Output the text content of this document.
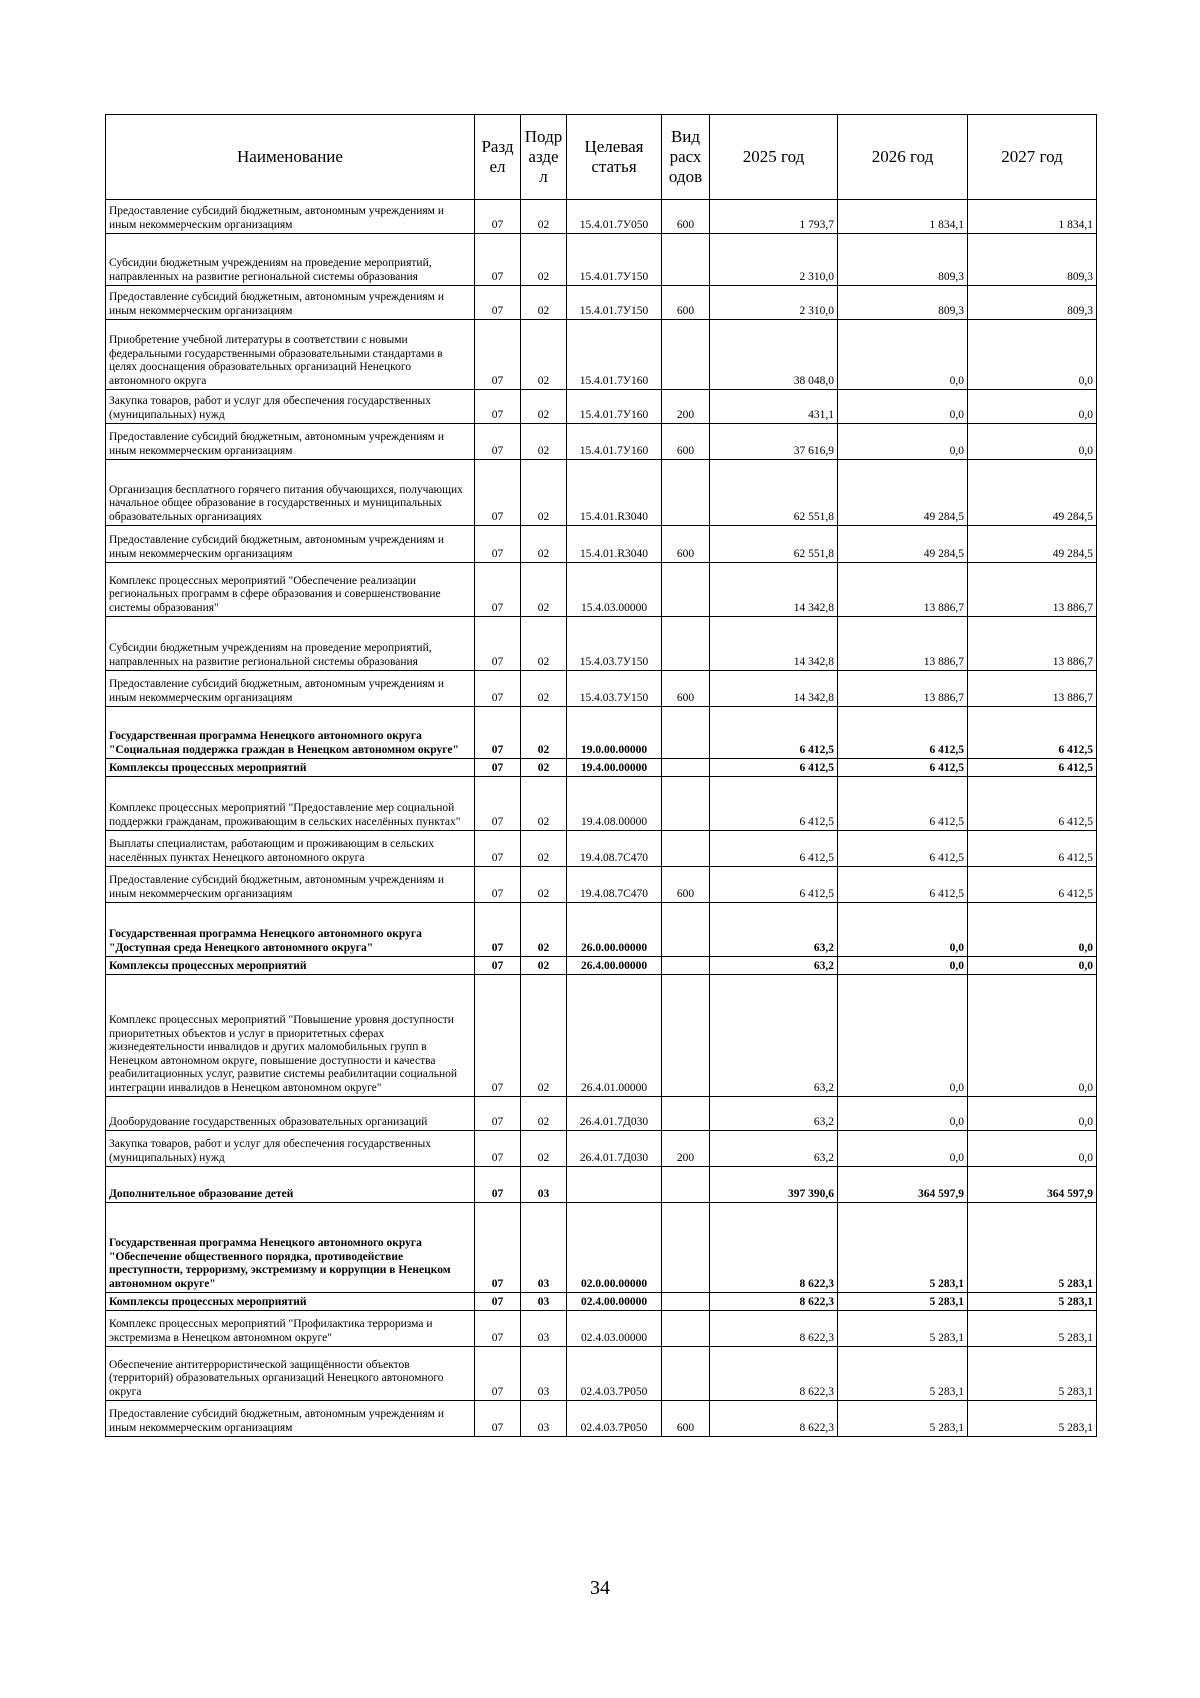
Наименование	Разд ел	Подр азде л	Целевая статья	Вид расх одов	2025 год	2026 год	2027 год
Предоставление субсидий бюджетным, автономным учреждениям и иным некоммерческим организациям	07	02	15.4.01.7У050	600	1 793,7	1 834,1	1 834,1
Субсидии бюджетным учреждениям на проведение мероприятий, направленных на развитие региональной системы образования	07	02	15.4.01.7У150		2 310,0	809,3	809,3
Предоставление субсидий бюджетным, автономным учреждениям и иным некоммерческим организациям	07	02	15.4.01.7У150	600	2 310,0	809,3	809,3
Приобретение учебной литературы в соответствии с новыми федеральными государственными образовательными стандартами в целях дооснащения образовательных организаций Ненецкого автономного округа	07	02	15.4.01.7У160		38 048,0	0,0	0,0
Закупка товаров, работ и услуг для обеспечения государственных (муниципальных) нужд	07	02	15.4.01.7У160	200	431,1	0,0	0,0
Предоставление субсидий бюджетным, автономным учреждениям и иным некоммерческим организациям	07	02	15.4.01.7У160	600	37 616,9	0,0	0,0
Организация бесплатного горячего питания обучающихся, получающих начальное общее образование в государственных и муниципальных образовательных организациях	07	02	15.4.01.R3040		62 551,8	49 284,5	49 284,5
Предоставление субсидий бюджетным, автономным учреждениям и иным некоммерческим организациям	07	02	15.4.01.R3040	600	62 551,8	49 284,5	49 284,5
Комплекс процессных мероприятий "Обеспечение реализации региональных программ в сфере образования и совершенствование системы образования"	07	02	15.4.03.00000		14 342,8	13 886,7	13 886,7
Субсидии бюджетным учреждениям на проведение мероприятий, направленных на развитие региональной системы образования	07	02	15.4.03.7У150		14 342,8	13 886,7	13 886,7
Предоставление субсидий бюджетным, автономным учреждениям и иным некоммерческим организациям	07	02	15.4.03.7У150	600	14 342,8	13 886,7	13 886,7
Государственная программа Ненецкого автономного округа "Социальная поддержка граждан в Ненецком автономном округе"	07	02	19.0.00.00000		6 412,5	6 412,5	6 412,5
Комплексы процессных мероприятий	07	02	19.4.00.00000		6 412,5	6 412,5	6 412,5
Комплекс процессных мероприятий "Предоставление мер социальной поддержки гражданам, проживающим в сельских населённых пунктах"	07	02	19.4.08.00000		6 412,5	6 412,5	6 412,5
Выплаты специалистам, работающим и проживающим в сельских населённых пунктах Ненецкого автономного округа	07	02	19.4.08.7С470		6 412,5	6 412,5	6 412,5
Предоставление субсидий бюджетным, автономным учреждениям и иным некоммерческим организациям	07	02	19.4.08.7С470	600	6 412,5	6 412,5	6 412,5
Государственная программа Ненецкого автономного округа "Доступная среда Ненецкого автономного округа"	07	02	26.0.00.00000		63,2	0,0	0,0
Комплексы процессных мероприятий	07	02	26.4.00.00000		63,2	0,0	0,0
Комплекс процессных мероприятий "Повышение уровня доступности приоритетных объектов и услуг в приоритетных сферах жизнедеятельности инвалидов и других маломобильных групп в Ненецком автономном округе, повышение доступности и качества реабилитационных услуг, развитие системы реабилитации социальной интеграции инвалидов в Ненецком автономном округе"	07	02	26.4.01.00000		63,2	0,0	0,0
Дооборудование государственных образовательных организаций	07	02	26.4.01.7Д030		63,2	0,0	0,0
Закупка товаров, работ и услуг для обеспечения государственных (муниципальных) нужд	07	02	26.4.01.7Д030	200	63,2	0,0	0,0
Дополнительное образование детей	07	03			397 390,6	364 597,9	364 597,9
Государственная программа Ненецкого автономного округа "Обеспечение общественного порядка, противодействие преступности, терроризму, экстремизму и коррупции в Ненецком автономном округе"	07	03	02.0.00.00000		8 622,3	5 283,1	5 283,1
Комплексы процессных мероприятий	07	03	02.4.00.00000		8 622,3	5 283,1	5 283,1
Комплекс процессных мероприятий "Профилактика терроризма и экстремизма в Ненецком автономном округе"	07	03	02.4.03.00000		8 622,3	5 283,1	5 283,1
Обеспечение антитеррористической защищённости объектов (территорий) образовательных организаций Ненецкого автономного округа	07	03	02.4.03.7Р050		8 622,3	5 283,1	5 283,1
Предоставление субсидий бюджетным, автономным учреждениям и иным некоммерческим организациям	07	03	02.4.03.7Р050	600	8 622,3	5 283,1	5 283,1
34
